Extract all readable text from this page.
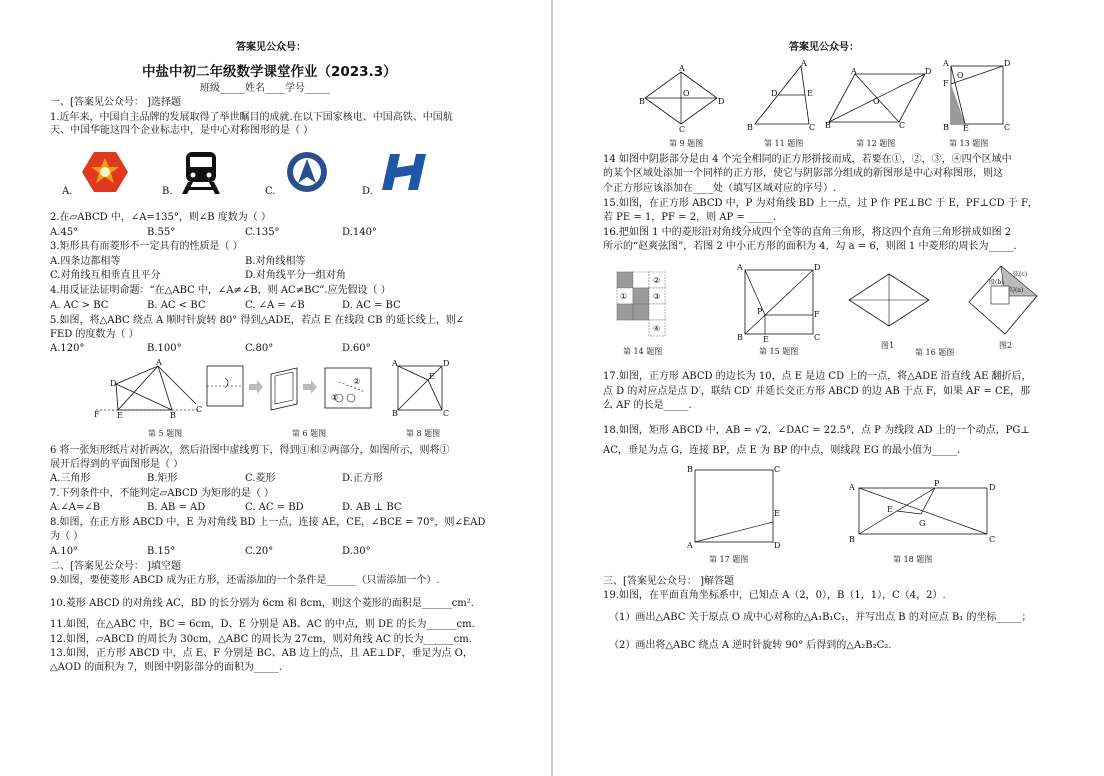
答案见公众号：
中盐中初二年级数学课堂作业（2023.3）
班级_____姓名____学号_____
一、[答案见公众号： ]选择题
1.近年来，中国自主品牌的发展取得了举世瞩目的成就.在以下国家核电、中国高铁、中国航
天、中国华能这四个企业标志中，是中心对称图形的是（ ）
A.	B.	C.	D.
2.在▱ABCD 中，∠A=135°，则∠B 度数为（ ）
A.45°	B.55°	C.135°	D.140°
3.矩形具有而菱形不一定具有的性质是（ ）
A.四条边都相等	B.对角线相等
C.对角线互相垂直且平分	D.对角线平分一组对角
4.用反证法证明命题：“在△ABC 中，∠A≠∠B，则 AC≠BC”.应先假设（ ）
A. AC > BC	B. AC < BC	C. ∠A = ∠B	D. AC = BC
5.如图，将△ABC 绕点 A 顺时针旋转 80° 得到△ADE，若点 E 在线段 CB 的延长线上，则∠
FED 的度数为（ ）
A.120°	B.100°	C.80°	D.60°
A
D
F E	B
C
①
②
A	D
E
B	C
第 5 题图	第 6 题图	第 8 题图
6 将一张矩形纸片对折两次，然后沿图中虚线剪下，得到①和②两部分，如图所示，则将①
展开后得到的平面图形是（ ）
A.三角形	B.矩形	C.菱形	D.正方形
7.下列条件中，不能判定▱ABCD 为矩形的是（ ）
A.∠A=∠B	B. AB = AD	C. AC = BD	D. AB ⊥ BC
8.如图，在正方形 ABCD 中，E 为对角线 BD 上一点，连接 AE，CE，∠BCE = 70°，则∠EAD
为（ ）
A.10°	B.15°	C.20°	D.30°
二、[答案见公众号： ]填空题
9.如图，要使菱形 ABCD 成为正方形，还需添加的一个条件是______（只需添加一个）.
10.菱形 ABCD 的对角线 AC，BD 的长分别为 6cm 和 8cm，则这个菱形的面积是______cm².
11.如图，在△ABC 中，BC = 6cm，D、E 分别是 AB、AC 的中点，则 DE 的长为______cm.
12.如图，▱ABCD 的周长为 30cm，△ABC 的周长为 27cm，则对角线 AC 的长为______cm.
13.如图，正方形 ABCD 中，点 E、F 分别是 BC、AB 边上的点，且 AE⊥DF，垂足为点 O，
△AOD 的面积为 7，则图中阴影部分的面积为_____.
答案见公众号：
A
B	D
C
O
A
D	E
B	C
A	D
B	C
O
A	D
F
B E	C
O
第 9 题图	第 11 题图	第 12 题图	第 13 题图
14 如图中阴影部分是由 4 个完全相同的正方形拼接而成，若要在①，②，③，④四个区域中
的某个区域处添加一个同样的正方形，使它与阴影部分组成的新图形是中心对称图形，则这
个正方形应该添加在____处（填写区域对应的序号）.
15.如图，在正方形 ABCD 中，P 为对角线 BD 上一点，过 P 作 PE⊥BC 于 E，PF⊥CD 于 F，
若 PE = 1，PF = 2，则 AP = _____.
16.把如图 1 中的菱形沿对角线分成四个全等的直角三角形，将这四个直角三角形拼成如图 2
所示的“赵爽弦图”，若图 2 中小正方形的面积为 4，勾 a = 6，则图 1 中菱形的周长为_____.
②
①	③
④
A	D
P	F
B	E	C
弦(c)
股(b)
勾(a)
第 14 题图	第 15 题图
图1	图2
第 16 题图
17.如图，正方形 ABCD 的边长为 10，点 E 是边 CD 上的一点，将△ADE 沿直线 AE 翻折后，
点 D 的对应点是点 D′，联结 CD′ 并延长交正方形 ABCD 的边 AB 于点 F，如果 AF = CE，那
么 AF 的长是_____.
18.如图，矩形 ABCD 中，AB = √2，∠DAC = 22.5°，点 P 为线段 AD 上的一个动点，PG⊥
AC，垂足为点 G，连接 BP，点 E 为 BP 的中点，则线段 EG 的最小值为_____.
B	C
E
A	D
A	P	D
E
G
B	C
第 17 题图	第 18 题图
三、[答案见公众号： ]解答题
19.如图，在平面直角坐标系中，已知点 A（2，0），B（1，1），C（4，2）.
（1）画出△ABC 关于原点 O 成中心对称的△A₁B₁C₁，并写出点 B 的对应点 B₁ 的坐标_____；
（2）画出将△ABC 绕点 A 逆时针旋转 90° 后得到的△A₂B₂C₂.
